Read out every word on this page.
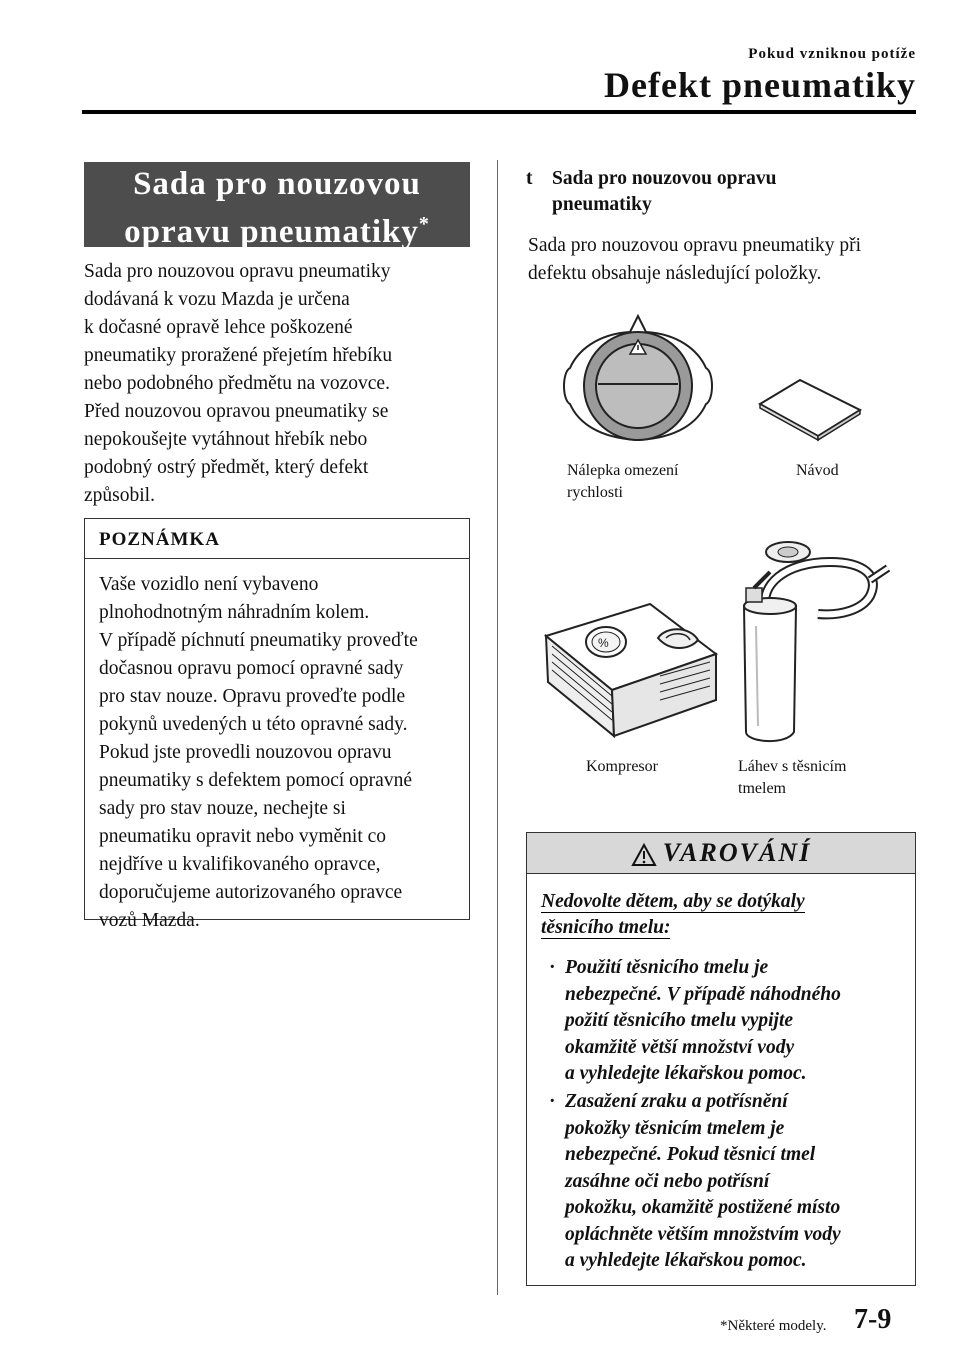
Pokud vzniknou potíže
Defekt pneumatiky
Sada pro nouzovou
opravu pneumatiky*
Sada pro nouzovou opravu pneumatiky
dodávaná k vozu Mazda je určena
k dočasné opravě lehce poškozené
pneumatiky proražené přejetím hřebíku
nebo podobného předmětu na vozovce.
Před nouzovou opravou pneumatiky se
nepokoušejte vytáhnout hřebík nebo
podobný ostrý předmět, který defekt
způsobil.
POZNÁMKA
Vaše vozidlo není vybaveno
plnohodnotným náhradním kolem.
V případě píchnutí pneumatiky proveďte
dočasnou opravu pomocí opravné sady
pro stav nouze. Opravu proveďte podle
pokynů uvedených u této opravné sady.
Pokud jste provedli nouzovou opravu
pneumatiky s defektem pomocí opravné
sady pro stav nouze, nechejte si
pneumatiku opravit nebo vyměnit co
nejdříve u kvalifikovaného opravce,
doporučujeme autorizovaného opravce
vozů Mazda.
t	Sada pro nouzovou opravu
pneumatiky
Sada pro nouzovou opravu pneumatiky při
defektu obsahuje následující položky.
Nálepka omezení
rychlosti
Návod
%
Kompresor	Láhev s těsnicím
tmelem
VAROVÁNÍ
Nedovolte dětem, aby se dotýkaly
těsnicího tmelu:
· Použití těsnicího tmelu je
nebezpečné. V případě náhodného
požití těsnicího tmelu vypijte
okamžitě větší množství vody
a vyhledejte lékařskou pomoc.
· Zasažení zraku a potřísnění
pokožky těsnicím tmelem je
nebezpečné. Pokud těsnicí tmel
zasáhne oči nebo potřísní
pokožku, okamžitě postižené místo
opláchněte větším množstvím vody
a vyhledejte lékařskou pomoc.
*Některé modely. 7-9
